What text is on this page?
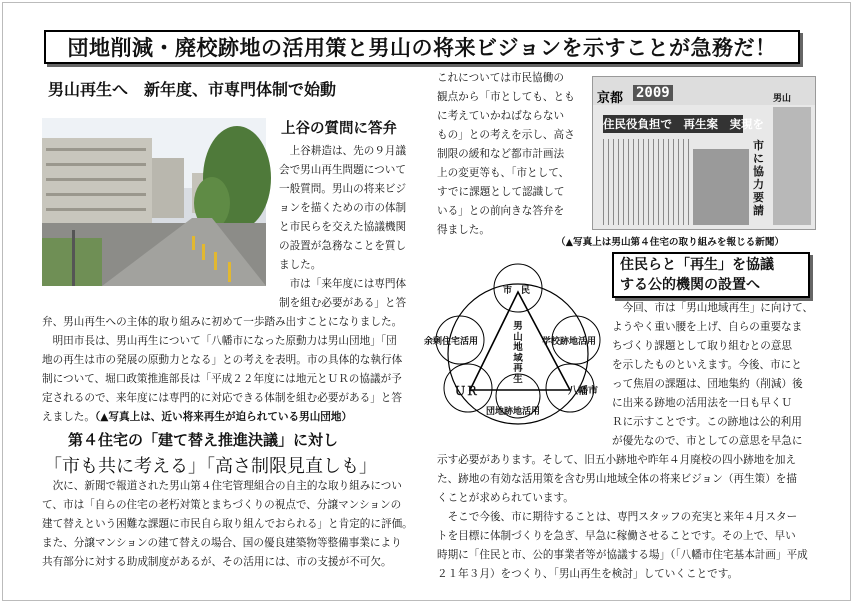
団地削減・廃校跡地の活用策と男山の将来ビジョンを示すことが急務だ！
男山再生へ　新年度、市専門体制で始動
上谷の質問に答弁

　上谷耕造は、先の９月議

会で男山再生問題について

一般質問。男山の将来ビジ

ョンを描くための市の体制

と市民らを交えた協議機関

の設置が急務なことを質し

ました。

　市は「来年度には専門体

制を組む必要がある」と答

弁、男山再生への主体的取り組みに初めて一歩踏み出すことになりました。

　明田市長は、男山再生について「八幡市になった原動力は男山団地」「団

地の再生は市の発展の原動力となる」との考えを表明。市の具体的な執行体

制について、堀口政策推進部長は「平成２２年度には地元とＵＲの協議が予

定されるので、来年度には専門的に対応できる体制を組む必要がある」と答

えました。（▲写真上は、近い将来再生が迫られている男山団地）

第４住宅の「建て替え推進決議」に対し
「市も共に考える」「高さ制限見直しも」

　次に、新聞で報道された男山第４住宅管理組合の自主的な取り組みについ

て、市は「自らの住宅の老朽対策とまちづくりの視点で、分譲マンションの

建て替えという困難な課題に市民自ら取り組んでおられる」と肯定的に評価。

また、分譲マンションの建て替えの場合、国の優良建築物等整備事業により

共有部分に対する助成制度があるが、その活用には、市の支援が不可欠。

これについては市民協働の

観点から「市としても、とも

に考えていかねばならない

もの」との考えを示し、高さ

制限の緩和など都市計画法

上の変更等も、「市として、

すでに課題として認識して

いる」との前向きな答弁を

得ました。

京都 2009	男山
住民役負担で　再生案　実現を
市に協力要請
（▲写真上は男山第４住宅の取り組みを報じる新聞）
市　民
余剰住宅活用	学校跡地活用
ＵＲ	八幡市
団地跡地活用
男
山
地
域
再
生
住民らと「再生」を協議
する公的機関の設置へ

　今回、市は「男山地域再生」に向けて、

ようやく重い腰を上げ、自らの重要なま

ちづくり課題として取り組むとの意思

を示したものといえます。今後、市にと

って焦眉の課題は、団地集約（削減）後

に出来る跡地の活用法を一日も早くＵ

Ｒに示すことです。この跡地は公的利用

が優先なので、市としての意思を早急に

示す必要があります。そして、旧五小跡地や昨年４月廃校の四小跡地を加え

た、跡地の有効な活用策を含む男山地域全体の将来ビジョン（再生策）を描

くことが求められています。

　そこで今後、市に期待することは、専門スタッフの充実と来年４月スター

トを目標に体制づくりを急ぎ、早急に稼働させることです。その上で、早い

時期に「住民と市、公的事業者等が協議する場」（「八幡市住宅基本計画」平成

２１年３月）をつくり、「男山再生を検討」していくことです。
